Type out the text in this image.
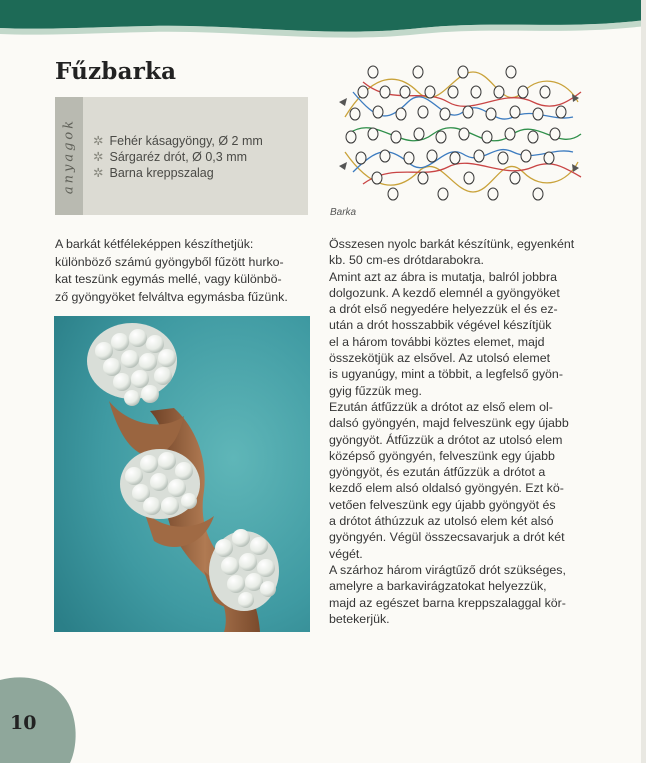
Fűzbarka
anyagok ✲ Fehér kásagyöngy, Ø 2 mm
✲ Sárgaréz drót, Ø 0,3 mm
✲ Barna kreppszalag

A barkát kétféleképpen készíthetjük:
különböző számú gyöngyből fűzött hurko-
kat teszünk egymás mellé, vagy különbö-
ző gyöngyöket felváltva egymásba fűzünk.

Barka

Összesen nyolc barkát készítünk, egyenként
kb. 50 cm-es drótdarabokra.

Amint azt az ábra is mutatja, balról jobbra
dolgozunk. A kezdő elemnél a gyöngyöket
a drót első negyedére helyezzük el és ez-
után a drót hosszabbik végével készítjük
el a három további köztes elemet, majd
összekötjük az elsővel. Az utolsó elemet
is ugyanúgy, mint a többit, a legfelső gyön-
gyig fűzzük meg.

Ezután átfűzzük a drótot az első elem ol-
dalsó gyöngyén, majd felveszünk egy újabb
gyöngyöt. Átfűzzük a drótot az utolsó elem
középső gyöngyén, felveszünk egy újabb
gyöngyöt, és ezután átfűzzük a drótot a
kezdő elem alsó oldalsó gyöngyén. Ezt kö-
vetően felveszünk egy újabb gyöngyöt és
a drótot áthúzzuk az utolsó elem két alsó
gyöngyén. Végül összecsavarjuk a drót két
végét.

A szárhoz három virágtűző drót szükséges,
amelyre a barkavirágzatokat helyezzük,
majd az egészet barna kreppszalaggal kör-
betekerjük.

10
